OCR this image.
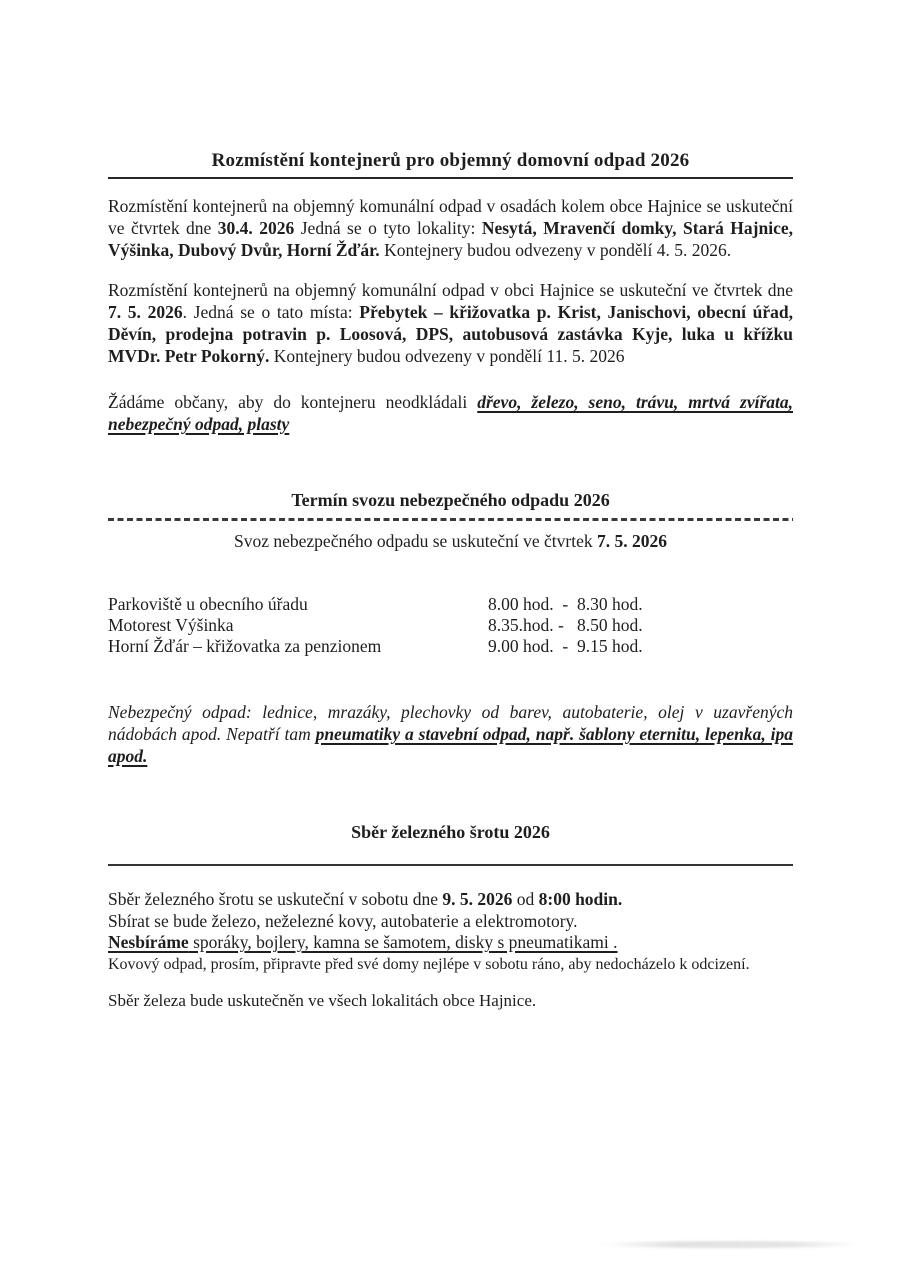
Rozmístění kontejnerů pro objemný domovní odpad 2026

Rozmístění kontejnerů na objemný komunální odpad v osadách kolem obce Hajnice se uskuteční ve čtvrtek dne 30.4. 2026 Jedná se o tyto lokality: Nesytá, Mravenčí domky, Stará Hajnice, Výšinka, Dubový Dvůr, Horní Žďár. Kontejnery budou odvezeny v pondělí 4. 5. 2026.

Rozmístění kontejnerů na objemný komunální odpad v obci Hajnice se uskuteční ve čtvrtek dne 7. 5. 2026. Jedná se o tato místa: Přebytek – křižovatka p. Krist, Janischovi, obecní úřad, Děvín, prodejna potravin p. Loosová, DPS, autobusová zastávka Kyje, luka u křížku MVDr. Petr Pokorný. Kontejnery budou odvezeny v pondělí 11. 5. 2026

Žádáme občany, aby do kontejneru neodkládali dřevo, železo, seno, trávu, mrtvá zvířata, nebezpečný odpad, plasty

Termín svozu nebezpečného odpadu 2026

Svoz nebezpečného odpadu se uskuteční ve čtvrtek 7. 5. 2026

Parkoviště u obecního úřadu	8.00 hod.  -  8.30 hod.
Motorest Výšinka	8.35.hod. -   8.50 hod.
Horní Žďár – křižovatka za penzionem	9.00 hod.  -  9.15 hod.

Nebezpečný odpad: lednice, mrazáky, plechovky od barev, autobaterie, olej v uzavřených nádobách apod. Nepatří tam pneumatiky a stavební odpad, např. šablony eternitu, lepenka, ipa apod.

Sběr železného šrotu 2026

Sběr železného šrotu se uskuteční v sobotu dne 9. 5. 2026 od 8:00 hodin.

Sbírat se bude železo, neželezné kovy, autobaterie a elektromotory.

Nesbíráme sporáky, bojlery, kamna se šamotem, disky s pneumatikami .

Kovový odpad, prosím, připravte před své domy nejlépe v sobotu ráno, aby nedocházelo k odcizení.

Sběr železa bude uskutečněn ve všech lokalitách obce Hajnice.
